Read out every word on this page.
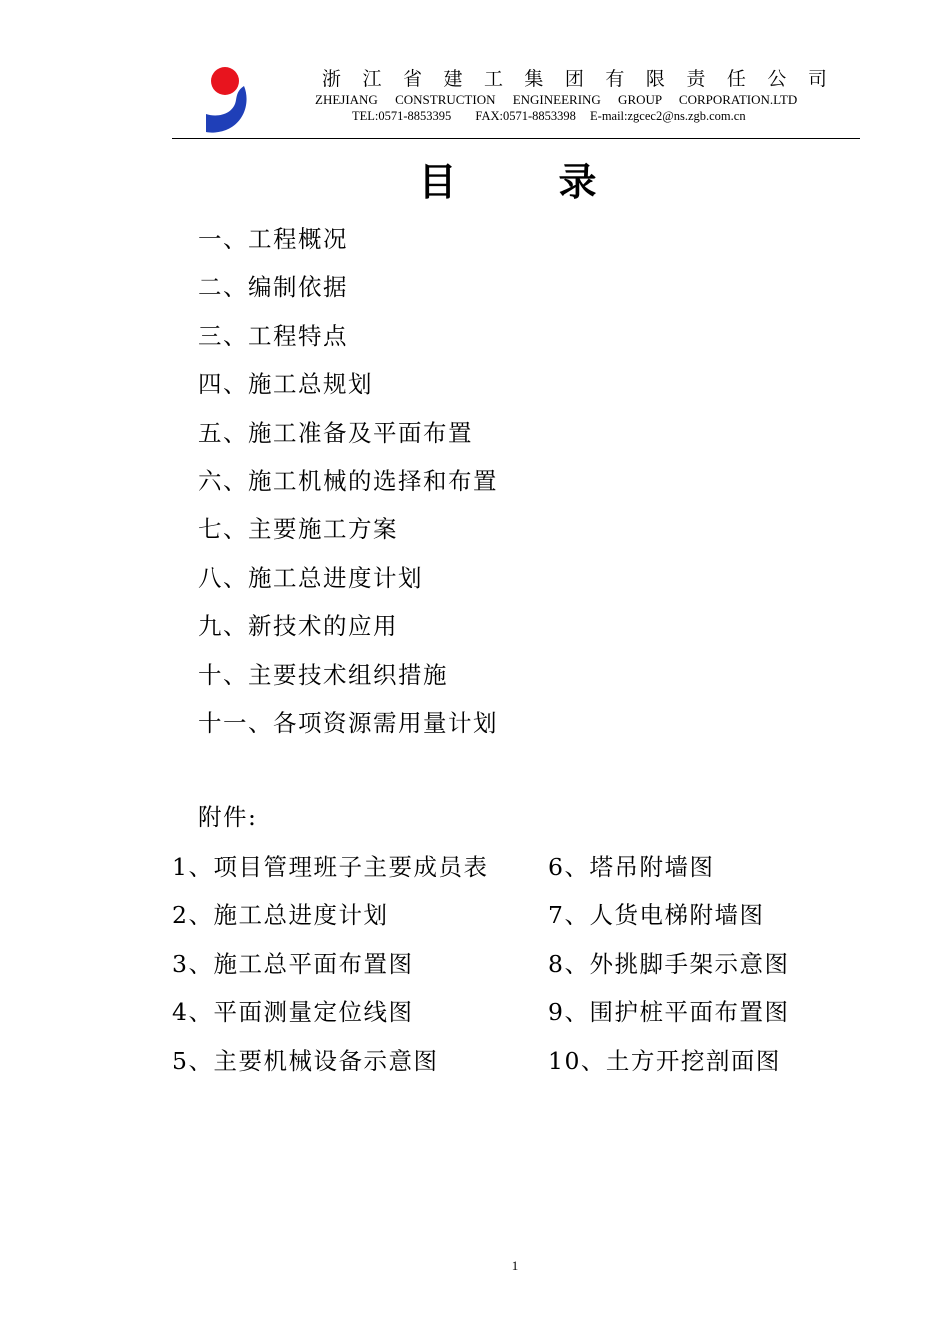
浙 江 省 建 工 集 团 有 限 责 任 公 司
ZHEJIANG CONSTRUCTION ENGINEERING GROUP CORPORATION.LTD
TEL:0571-8853395 FAX:0571-8853398 E-mail:zgcec2@ns.zgb.com.cn
目	录
一、工程概况
二、编制依据
三、工程特点
四、施工总规划
五、施工准备及平面布置
六、施工机械的选择和布置
七、主要施工方案
八、施工总进度计划
九、新技术的应用
十、主要技术组织措施
十一、各项资源需用量计划
附件:
1、项目管理班子主要成员表
2、施工总进度计划
3、施工总平面布置图
4、平面测量定位线图
5、主要机械设备示意图
6、塔吊附墙图
7、人货电梯附墙图
8、外挑脚手架示意图
9、围护桩平面布置图
10、土方开挖剖面图
1
